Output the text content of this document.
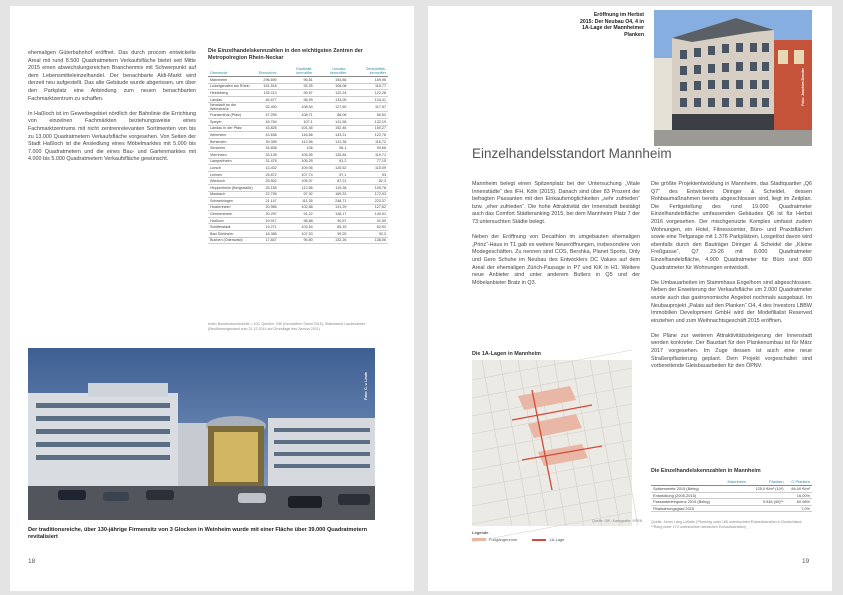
ehemaligen Güterbahnhof eröffnet. Das durch procom entwickelte Areal mit rund 8.500 Quadratmetern Verkaufsfläche bietet seit Mitte 2015 einen abwechslungsreichen Branchenmix mit Schwerpunkt auf dem Lebensmitteleinzelhandel. Der benachbarte Aldi-Markt wird derzeit neu aufgestellt. Das alte Gebäude wurde abgerissen, um über den Parkplatz eine Anbindung zum neuen benachbarten Fachmarktzentrum zu schaffen.

In Haßloch ist im Gewerbegebiet nördlich der Bahnlinie die Errichtung von einzelnen Fachmärkten beziehungsweise eines Fachmarktzentrums mit nicht zentrenrelevanten Sortimenten von bis zu 13.000 Quadratmetern Verkaufsfläche vorgesehen. Von Seiten der Stadt Haßloch ist die Ansiedlung eines Möbelmarktes mit 5.000 bis 7.000 Quadratmetern und die eines Bau- und Gartenmarktes mit 4.000 bis 5.000 Quadratmetern Verkaufsfläche gewünscht.

Die Einzelhandelskennzahlen in den wichtigsten Zentren der Metropolregion Rhein-Neckar
Gemeinde	Einwohner	Kaufkraft-kennziffer	Umsatz-kennziffer	Zentralitäts-kennziffer
Mannheim	296.690	96,81	154,86	159,96
Ludwigshafen am Rhein	161.518	93,35	108,08	115,77
Heidelberg	152.113	99,97	122,24	122,28
Landau	46.677	98,99	133,05	134,41
Neustadt an der Weinstraße	52.400	108,54	127,60	117,57
Frankenthal (Pfalz)	47.259	108,71	86,06	80,62
Speyer	49.764	107,1	141,58	132,19
Landau in der Pfalz	43.825	101,46	152,46	150,27
Weinheim	43.636	116,66	143,21	122,76
Bensheim	39.359	112,56	131,38	116,72
Sinsheim	34.836	106	96,1	90,66
Viernheim	33.135	105,95	126,84	119,71
Lampertheim	31.478	105,25	81,2	77,15
Lorsch	13.402	109,06	125,52	115,09
Leimen	25.872	107,74	57,1	53
Wiesloch	25.502	105,97	87,21	82,3
Heppenheim (Bergstraße)	25.155	112,86	119,38	105,78
Mosbach	22.795	97,92	169,33	172,93
Schwetzingen	21.147	111,35	248,71	223,37
Hockenheim	20.966	102,88	131,29	127,62
Germersheim	20.297	91,22	128,17	140,51
Haßloch	19.917	98,88	90,57	91,59
Schifferstadt	19.271	103,54	65,15	62,92
Bad Dürkheim	18.385	107,53	99,25	92,3
Buchen (Odenwald)	17.847	95,80	132,26	138,06
Index Bundesdurchschnitt = 100, Quellen: GfK (Kennziffern Stand 2015), Statistische Landesämter (Bevölkerungsstand zum 31.12.2014 auf Grundlage des Zensus 2011)
Foto: C. v. Linde
Der traditionsreiche, über 130-jährige Firmensitz von 3 Glocken in Weinheim wurde mit einer Fläche über 39.000 Quadratmetern revitalisiert
18
Eröffnung im Herbst 2015: Der Neubau O4, 4 in 1A-Lage der Mannheimer Planken
Foto: Joachim Bender
Einzelhandelsstandort Mannheim

Mannheim belegt einen Spitzenplatz bei der Untersuchung „Vitale Innenstädte“ des IFH, Köln (2015). Danach sind über 83 Prozent der befragten Passanten mit den Einkaufsmöglichkeiten „sehr zufrieden“ bzw. „eher zufrieden“. Die hohe Attraktivität der Innenstadt bestätigt auch das Comfort Städteranking 2015, bei dem Mannheim Platz 7 der 73 untersuchten Städte belegt.

Neben der Eröffnung von Decathlon im umgebauten ehemaligen „Prinz“-Haus in T1 gab es weitere Neueröffnungen, insbesondere von Modegeschäften. Zu nennen sind COS, Bershka, Planet Sports, Only und Gero Schuhe im Neubau des Entwicklers DC Values auf dem Areal der ehemaligen Zürich-Passage in P7 und KiK in H1. Weitere neue Anbieter sind unter anderem Butlers in Q5 und der Möbelanbieter Bratz in Q3.

Die 1A-Lagen in Mannheim
Quelle: GfK, Kartografie: VRRN
Legende
Fußgängerzone	1A-Lage

Die größte Projektentwicklung in Mannheim, das Stadtquartier „Q6 Q7“ des Entwicklers Diringer & Scheidel, dessen Rohbaumaßnahmen bereits abgeschlossen sind, liegt im Zeitplan. Die Fertigstellung des rund 19.000 Quadratmeter Einzelhandelsfläche umfassenden Gebäudes Q6 ist für Herbst 2016 vorgesehen. Der mischgenutzte Komplex umfasst zudem Wohnungen, ein Hotel, Fitnesscenter, Büro- und Praxisflächen sowie eine Tiefgarage mit 1.376 Parkplätzen. Losgelöst davon wird ebenfalls durch den Bauträger Diringer & Scheidel die „Kleine Freßgasse“, Q7 23-26 mit 8.000 Quadratmeter Einzelhandelsfläche, 4.900 Quadratmeter für Büro und 800 Quadratmeter für Wohnungen entwickelt.

Die Umbauarbeiten im Stammhaus Engelhorn sind abgeschlossen. Neben der Erweiterung der Verkaufsfläche um 2.000 Quadratmeter wurde auch das gastronomische Angebot nochmals ausgebaut. Im Neubauprojekt „Palais auf den Planken“ O4, 4 des Investors LBBW Immobilien Development GmbH wird der Modefilialist Reserved einziehen und zum Weihnachtsgeschäft 2015 eröffnen.

Die Pläne zur weiteren Attraktivitätssteigerung der Innenstadt werden konkreter. Der Baustart für den Plankenumbau ist für März 2017 vorgesehen. Im Zuge dessen ist auch eine neue Straßenpflasterung geplant. Dem Projekt vorgeschaltet sind vorbereitende Gleisbauarbeiten für den ÖPNV.

Die Einzelhandelskennzahlen in Mannheim
	Mannheim	Planken	O Planken
Spitzenmiete 2015 (Beleg)		125,0 €/m² (10*)	84,00 €/m²
Entwicklung (2005-2015)			16,00%
Passantenfrequenz 2015 (Beleg)		5.945 (40)**	60.98%
Filialisierungsgrad 2015			7,0%
Quelle: Jones Lang LaSalle (*Ranking unter 185 untersuchten Einkaufsstraßen in Deutschland, **Rang unter 170 untersuchten deutschen Einkaufsstraßen)
19
